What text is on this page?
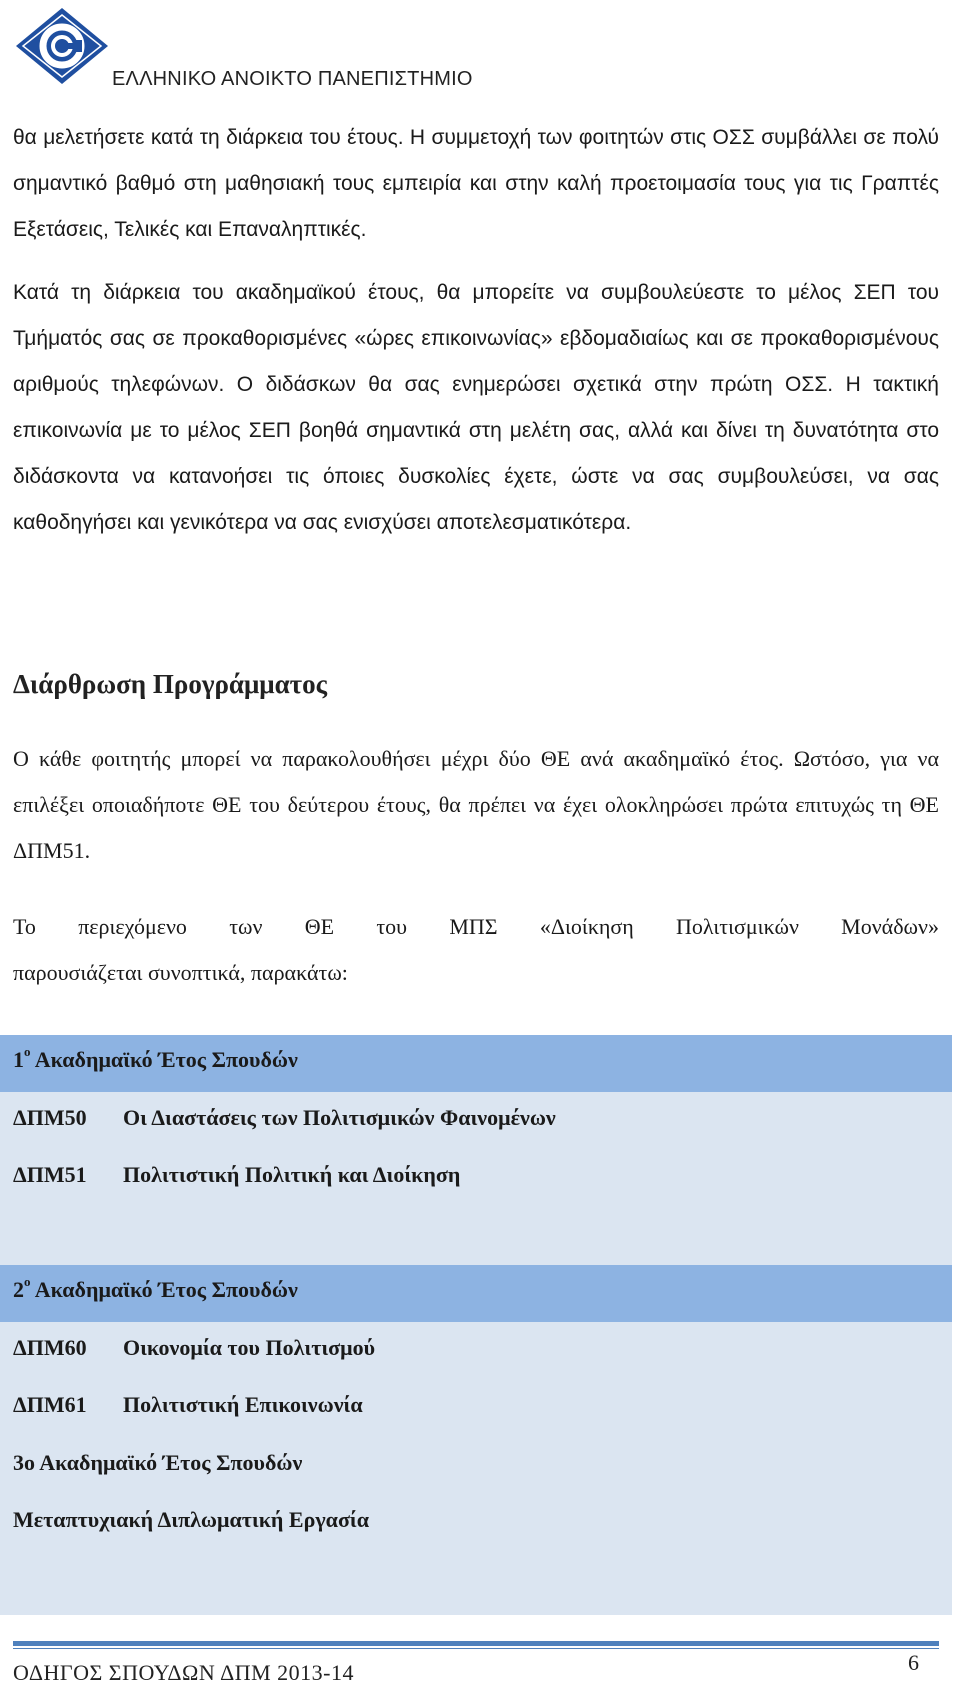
ΕΛΛΗΝΙΚΟ ΑΝΟΙΚΤΟ ΠΑΝΕΠΙΣΤΗΜΙΟ
θα μελετήσετε κατά τη διάρκεια του έτους. Η συμμετοχή των φοιτητών στις ΟΣΣ συμβάλλει σε πολύ σημαντικό βαθμό στη μαθησιακή τους εμπειρία και στην καλή προετοιμασία τους για τις Γραπτές Εξετάσεις, Τελικές και Επαναληπτικές.
Κατά τη διάρκεια του ακαδημαϊκού έτους, θα μπορείτε να συμβουλεύεστε το μέλος ΣΕΠ του Τμήματός σας σε προκαθορισμένες «ώρες επικοινωνίας» εβδομαδιαίως και σε προκαθορισμένους αριθμούς τηλεφώνων. Ο διδάσκων θα σας ενημερώσει σχετικά στην πρώτη ΟΣΣ. Η τακτική επικοινωνία με το μέλος ΣΕΠ βοηθά σημαντικά στη μελέτη σας, αλλά και δίνει τη δυνατότητα στο διδάσκοντα να κατανοήσει τις όποιες δυσκολίες έχετε, ώστε να σας συμβουλεύσει, να σας καθοδηγήσει και γενικότερα να σας ενισχύσει αποτελεσματικότερα.
Διάρθρωση Προγράμματος
Ο κάθε φοιτητής μπορεί να παρακολουθήσει μέχρι δύο ΘΕ ανά ακαδημαϊκό έτος. Ωστόσο, για να επιλέξει οποιαδήποτε ΘΕ του δεύτερου έτους, θα πρέπει να έχει ολοκληρώσει πρώτα επιτυχώς τη ΘΕ ΔΠΜ51.
Το περιεχόμενο των ΘΕ του ΜΠΣ «Διοίκηση Πολιτισμικών Μονάδων»
παρουσιάζεται συνοπτικά, παρακάτω:
$1^o$ Ακαδημαϊκό Έτος Σπουδών
ΔΠΜ50 Οι Διαστάσεις των Πολιτισμικών Φαινομένων
ΔΠΜ51 Πολιτιστική Πολιτική και Διοίκηση
$2^o$ Ακαδημαϊκό Έτος Σπουδών
ΔΠΜ60 Οικονομία του Πολιτισμού
ΔΠΜ61 Πολιτιστική Επικοινωνία
3ο Ακαδημαϊκό Έτος Σπουδών
Μεταπτυχιακή Διπλωματική Εργασία
ΟΔΗΓΟΣ ΣΠΟΥΔΩΝ ΔΠΜ 2013-14	6
